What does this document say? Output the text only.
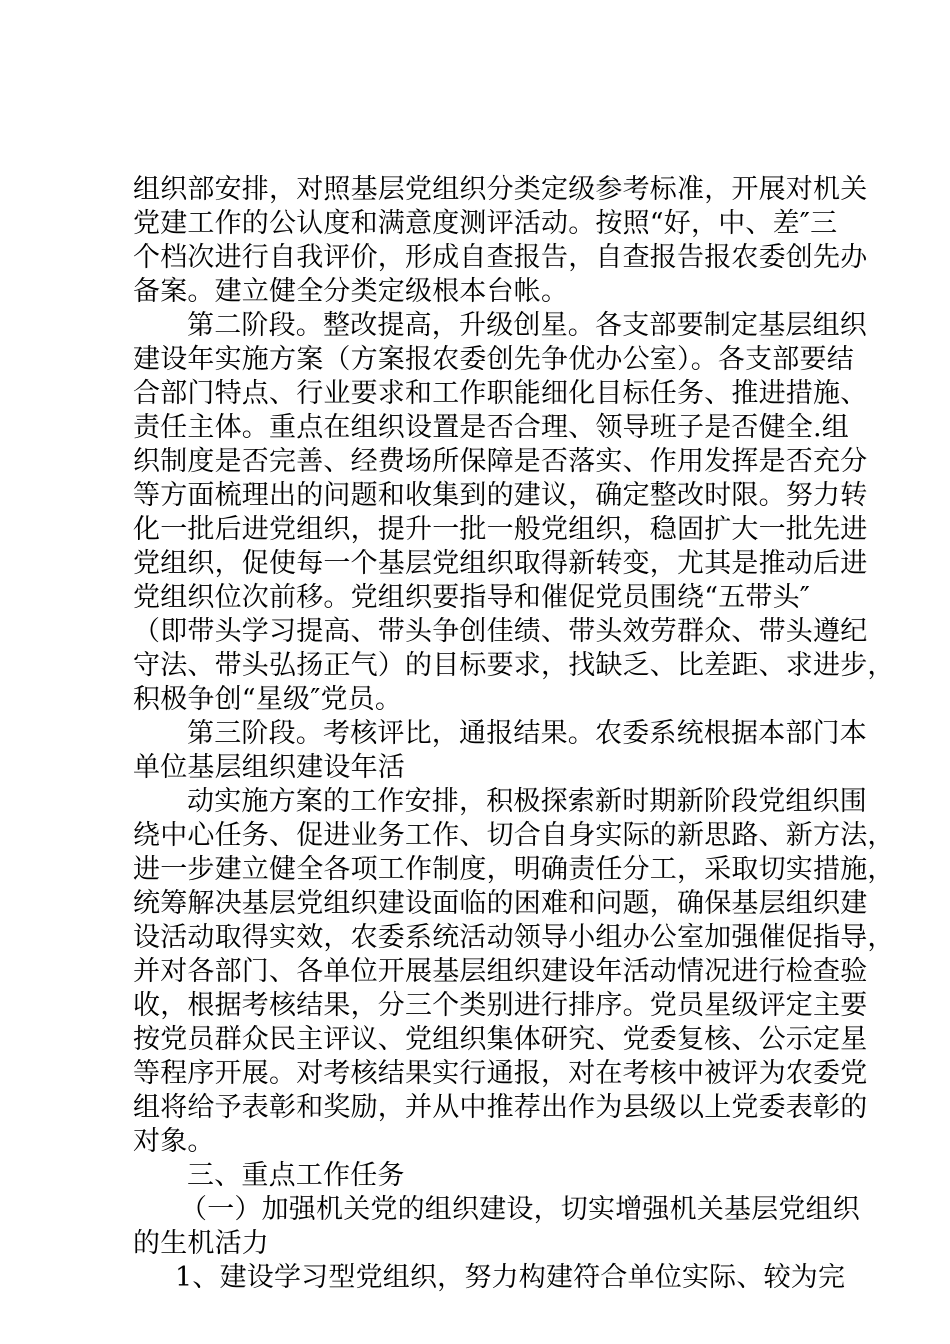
组织部安排，对照基层党组织分类定级参考标准，开展对机关
党建工作的公认度和满意度测评活动。按照“好，中、差″三
个档次进行自我评价，形成自查报告，自查报告报农委创先办
备案。建立健全分类定级根本台帐。
第二阶段。整改提高，升级创星。各支部要制定基层组织
建设年实施方案（方案报农委创先争优办公室）。各支部要结
合部门特点、行业要求和工作职能细化目标任务、推进措施、
责任主体。重点在组织设置是否合理、领导班子是否健全.组
织制度是否完善、经费场所保障是否落实、作用发挥是否充分
等方面梳理出的问题和收集到的建议，确定整改时限。努力转
化一批后进党组织，提升一批一般党组织，稳固扩大一批先进
党组织，促使每一个基层党组织取得新转变，尤其是推动后进
党组织位次前移。党组织要指导和催促党员围绕“五带头″
（即带头学习提高、带头争创佳绩、带头效劳群众、带头遵纪
守法、带头弘扬正气）的目标要求，找缺乏、比差距、求进步，
积极争创“星级″党员。
第三阶段。考核评比，通报结果。农委系统根据本部门本
单位基层组织建设年活
动实施方案的工作安排，积极探索新时期新阶段党组织围
绕中心任务、促进业务工作、切合自身实际的新思路、新方法，
进一步建立健全各项工作制度，明确责任分工，采取切实措施，
统筹解决基层党组织建设面临的困难和问题，确保基层组织建
设活动取得实效，农委系统活动领导小组办公室加强催促指导，
并对各部门、各单位开展基层组织建设年活动情况进行检查验
收，根据考核结果，分三个类别进行排序。党员星级评定主要
按党员群众民主评议、党组织集体研究、党委复核、公示定星
等程序开展。对考核结果实行通报，对在考核中被评为农委党
组将给予表彰和奖励，并从中推荐出作为县级以上党委表彰的
对象。
三、重点工作任务
（一）加强机关党的组织建设，切实增强机关基层党组织
的生机活力
1、建设学习型党组织，努力构建符合单位实际、较为完
